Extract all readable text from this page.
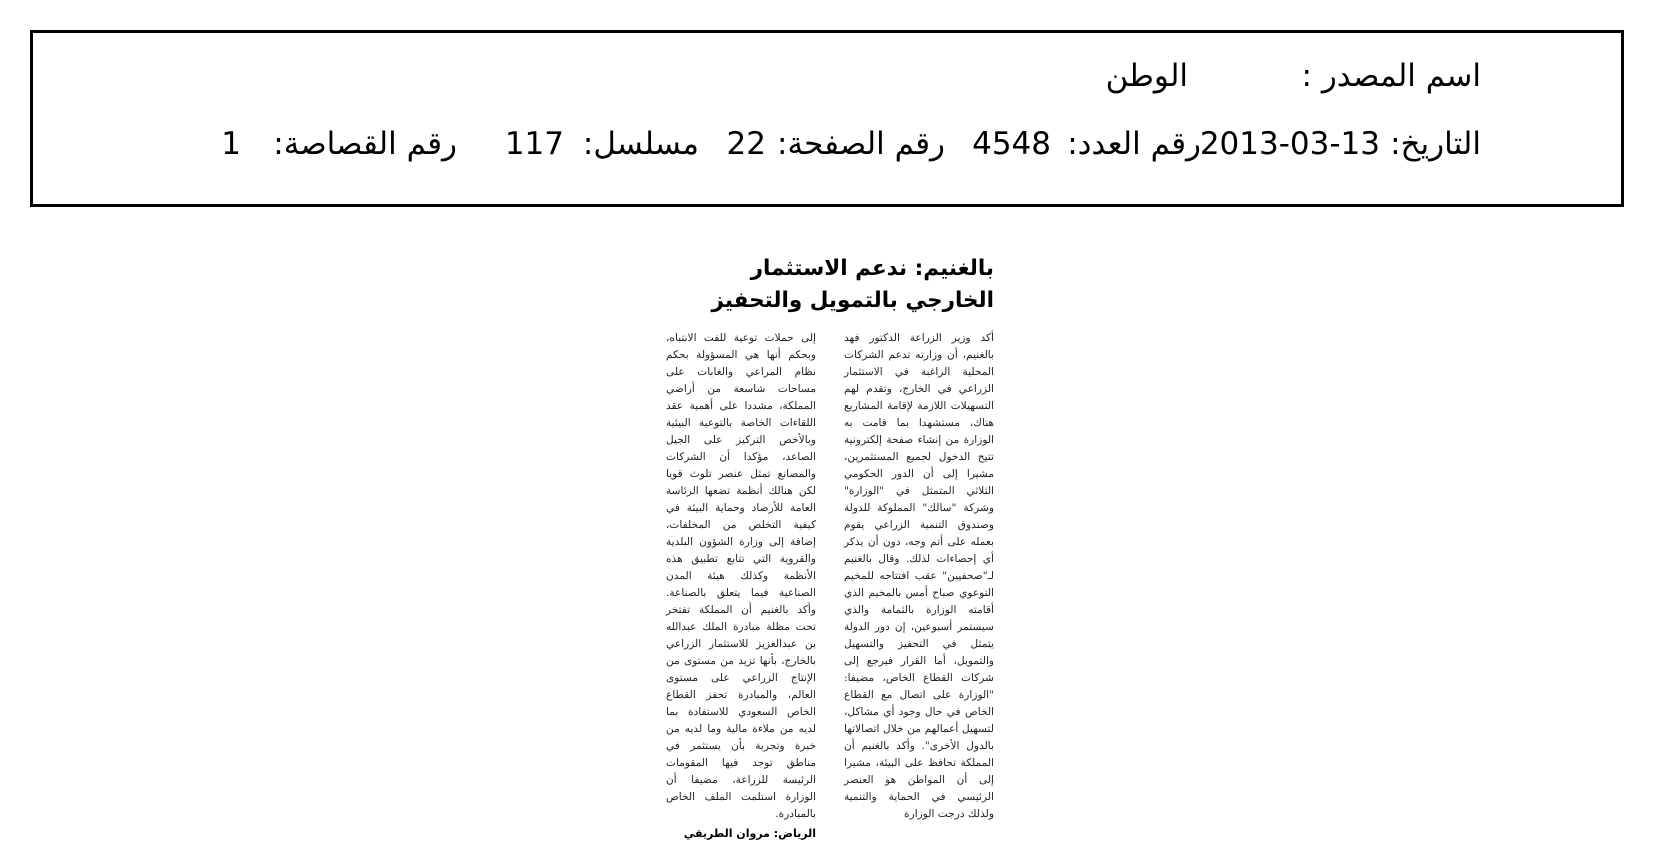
اسم المصدر :
الوطن
التاريخ:
2013-03-13
رقم العدد:
4548
رقم الصفحة:
22
مسلسل:
117
رقم القصاصة:
1

بالغنيم: ندعم الاستثمار

الخارجي بالتمويل والتحفيز

أكد وزير الزراعة الدكتور فهد بالغنيم، أن وزارته تدعم الشركات المحلية الراغبة في الاستثمار الزراعي في الخارج، وتقدم لهم التسهيلات اللازمة لإقامة المشاريع هناك، مستشهدا بما قامت به الوزارة من إنشاء صفحة إلكترونية تتيح الدخول لجميع المستثمرين، مشيرا إلى أن الدور الحكومي الثلاثي المتمثل في "الوزارة" وشركة "سالك" المملوكة للدولة وصندوق التنمية الزراعي يقوم بعمله على أتم وجه، دون أن يذكر أي إحصاءات لذلك. وقال بالغنيم لـ"صحفيين" عقب افتتاحه للمخيم التوعوي صباح أمس بالمخيم الذي أقامته الوزارة بالثمامة والذي سيستمر أسبوعين، إن دور الدولة يتمثل في التحفيز والتسهيل والتمويل، أما القرار فيرجع إلى شركات القطاع الخاص، مضيفا: "الوزارة على اتصال مع القطاع الخاص في حال وجود أي مشاكل، لتسهيل أعمالهم من خلال اتصالاتها بالدول الأخرى". وأكد بالغنيم أن المملكة تحافظ على البيئة، مشيرا إلى أن المواطن هو العنصر الرئيسي في الحماية والتنمية ولذلك درجت الوزارة
إلى حملات توعية للفت الانتباه، وبحكم أنها هي المسؤولة بحكم نظام المراعي والغابات على مساحات شاسعة من أراضي المملكة، مشددا على أهمية عقد اللقاءات الخاصة بالتوعية البيئية وبالأخص التركيز على الجيل الصاعد، مؤكدا أن الشركات والمصانع تمثل عنصر تلوث قويا لكن هنالك أنظمة تضعها الرئاسة العامة للأرصاد وحماية البيئة في كيفية التخلص من المخلفات، إضافة إلى وزارة الشؤون البلدية والقروية التي تتابع تطبيق هذه الأنظمة وكذلك هيئة المدن الصناعية فيما يتعلق بالصناعة. وأكد بالغنيم أن المملكة تفتخر تحت مظلة مبادرة الملك عبدالله بن عبدالعزيز للاستثمار الزراعي بالخارج، بأنها تزيد من مستوى من الإنتاج الزراعي على مستوى العالم، والمبادرة تحفز القطاع الخاص السعودي للاستفادة بما لديه من ملاءة مالية وما لديه من خبرة وتجربة بأن يستثمر في مناطق توجد فيها المقومات الرئيسة للزراعة، مضيفا أن الوزارة استلمت الملف الخاص بالمبادرة.
الرياض: مروان الطريقي
